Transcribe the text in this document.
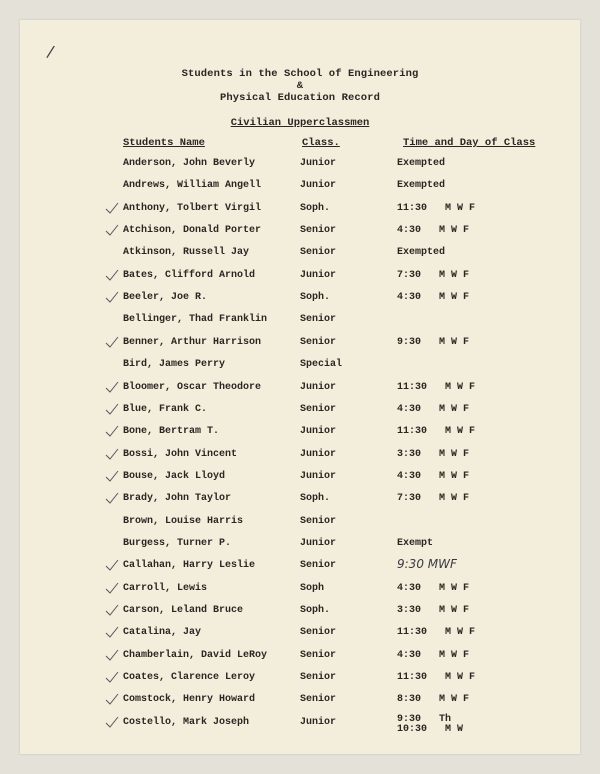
/
Students in the School of Engineering
&
Physical Education Record
Civilian Upperclassmen
Students Name	Class.	Time and Day of Class
Anderson, John Beverly	Junior	Exempted
Andrews, William Angell	Junior	Exempted
Anthony, Tolbert Virgil	Soph.	11:30   M W F
Atchison, Donald Porter	Senior	4:30   M W F
Atkinson, Russell Jay	Senior	Exempted
Bates, Clifford Arnold	Junior	7:30   M W F
Beeler, Joe R.	Soph.	4:30   M W F
Bellinger, Thad Franklin	Senior
Benner, Arthur Harrison	Senior	9:30   M W F
Bird, James Perry	Special
Bloomer, Oscar Theodore	Junior	11:30   M W F
Blue, Frank C.	Senior	4:30   M W F
Bone, Bertram T.	Junior	11:30   M W F
Bossi, John Vincent	Junior	3:30   M W F
Bouse, Jack Lloyd	Junior	4:30   M W F
Brady, John Taylor	Soph.	7:30   M W F
Brown, Louise Harris	Senior
Burgess, Turner P.	Junior	Exempt
Callahan, Harry Leslie	Senior	9:30 MWF
Carroll, Lewis	Soph	4:30   M W F
Carson, Leland Bruce	Soph.	3:30   M W F
Catalina, Jay	Senior	11:30   M W F
Chamberlain, David LeRoy	Senior	4:30   M W F
Coates, Clarence Leroy	Senior	11:30   M W F
Comstock, Henry Howard	Senior	8:30   M W F
Costello, Mark Joseph	Junior	9:30   Th
10:30   M W
